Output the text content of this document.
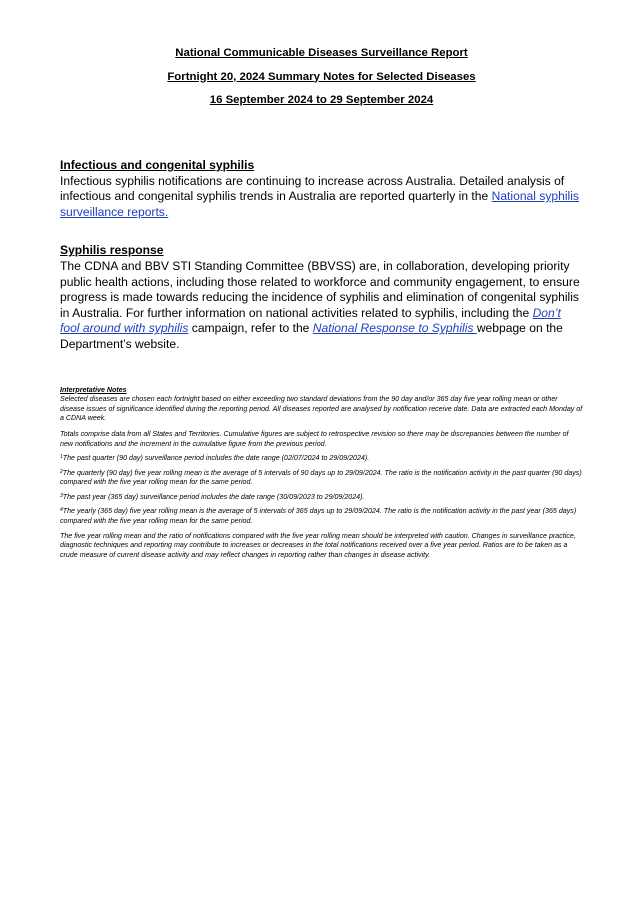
National Communicable Diseases Surveillance Report
Fortnight 20, 2024 Summary Notes for Selected Diseases
16 September 2024 to 29 September 2024

Infectious and congenital syphilis

Infectious syphilis notifications are continuing to increase across Australia. Detailed analysis of infectious and congenital syphilis trends in Australia are reported quarterly in the National syphilis surveillance reports.

Syphilis response

The CDNA and BBV STI Standing Committee (BBVSS) are, in collaboration, developing priority public health actions, including those related to workforce and community engagement, to ensure progress is made towards reducing the incidence of syphilis and elimination of congenital syphilis in Australia. For further information on national activities related to syphilis, including the Don’t fool around with syphilis campaign, refer to the National Response to Syphilis webpage on the Department’s website.

Interpretative Notes

Selected diseases are chosen each fortnight based on either exceeding two standard deviations from the 90 day and/or 365 day five year rolling mean or other disease issues of significance identified during the reporting period. All diseases reported are analysed by notification receive date. Data are extracted each Monday of a CDNA week.

Totals comprise data from all States and Territories. Cumulative figures are subject to retrospective revision so there may be discrepancies between the number of new notifications and the increment in the cumulative figure from the previous period.

$^1$The past quarter (90 day) surveillance period includes the date range (02/07/2024 to 29/09/2024).

$^2$The quarterly (90 day) five year rolling mean is the average of 5 intervals of 90 days up to 29/09/2024. The ratio is the notification activity in the past quarter (90 days) compared with the five year rolling mean for the same period.

$^3$The past year (365 day) surveillance period includes the date range (30/09/2023 to 29/09/2024).

$^4$The yearly (365 day) five year rolling mean is the average of 5 intervals of 365 days up to 29/09/2024. The ratio is the notification activity in the past year (365 days) compared with the five year rolling mean for the same period.

The five year rolling mean and the ratio of notifications compared with the five year rolling mean should be interpreted with caution. Changes in surveillance practice, diagnostic techniques and reporting may contribute to increases or decreases in the total notifications received over a five year period. Ratios are to be taken as a crude measure of current disease activity and may reflect changes in reporting rather than changes in disease activity.
